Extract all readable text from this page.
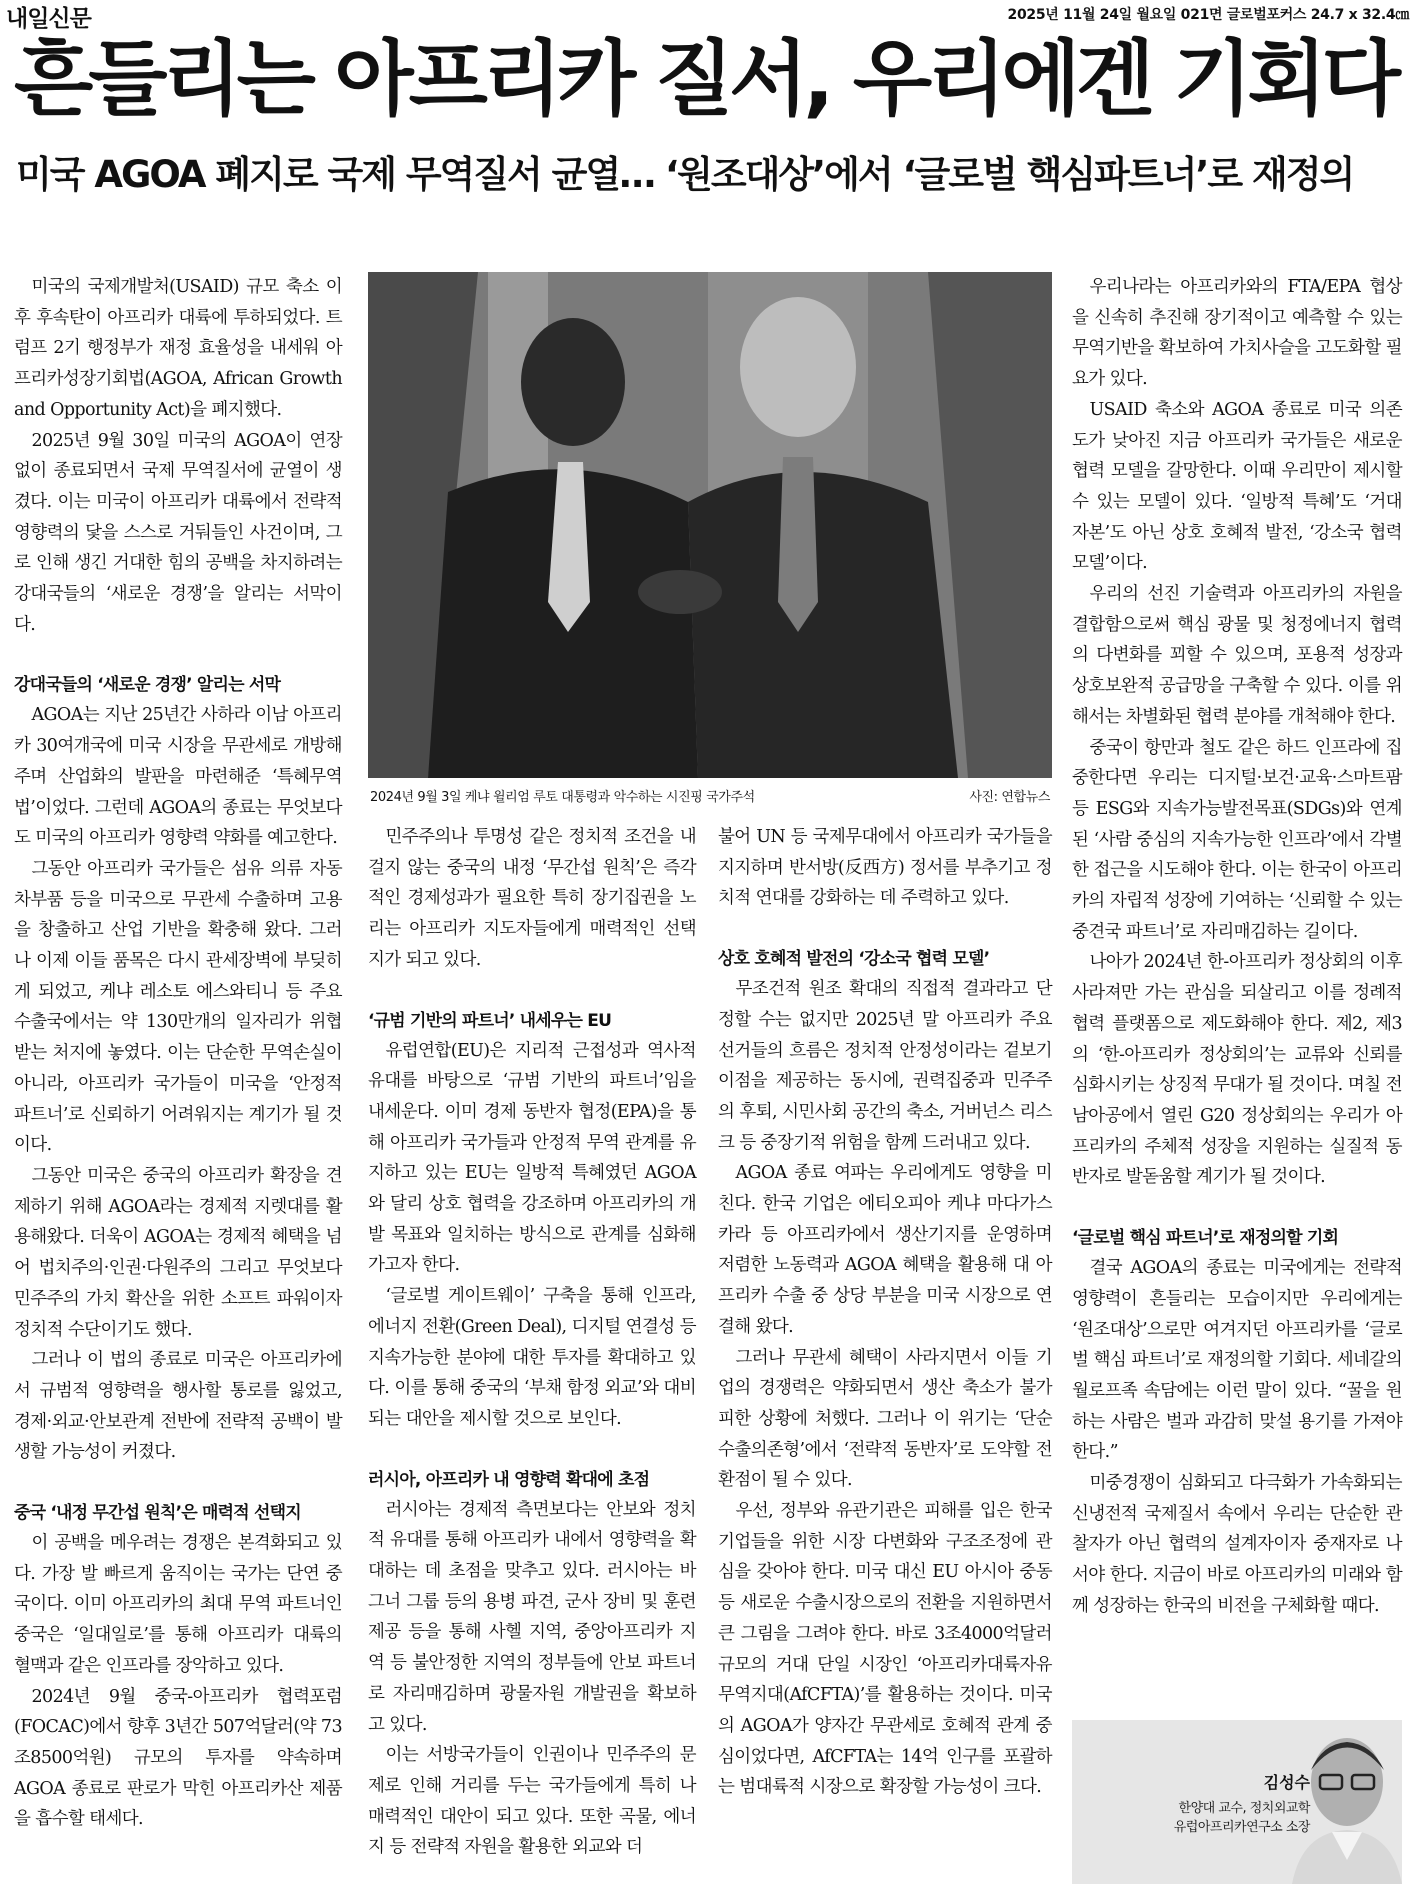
내일신문	2025년 11월 24일 월요일 021면 글로벌포커스 24.7 x 32.4㎝
흔들리는 아프리카 질서, 우리에겐 기회다
미국 AGOA 폐지로 국제 무역질서 균열… ‘원조대상’에서 ‘글로벌 핵심파트너’로 재정의

미국의 국제개발처(USAID) 규모 축소 이후 후속탄이 아프리카 대륙에 투하되었다. 트럼프 2기 행정부가 재정 효율성을 내세워 아프리카성장기회법(AGOA, African Growth and Opportunity Act)을 폐지했다.

2025년 9월 30일 미국의 AGOA이 연장 없이 종료되면서 국제 무역질서에 균열이 생겼다. 이는 미국이 아프리카 대륙에서 전략적 영향력의 닻을 스스로 거둬들인 사건이며, 그로 인해 생긴 거대한 힘의 공백을 차지하려는 강대국들의 ‘새로운 경쟁’을 알리는 서막이다.

강대국들의 ‘새로운 경쟁’ 알리는 서막

AGOA는 지난 25년간 사하라 이남 아프리카 30여개국에 미국 시장을 무관세로 개방해주며 산업화의 발판을 마련해준 ‘특혜무역법’이었다. 그런데 AGOA의 종료는 무엇보다도 미국의 아프리카 영향력 약화를 예고한다.

그동안 아프리카 국가들은 섬유 의류 자동차부품 등을 미국으로 무관세 수출하며 고용을 창출하고 산업 기반을 확충해 왔다. 그러나 이제 이들 품목은 다시 관세장벽에 부딪히게 되었고, 케냐 레소토 에스와티니 등 주요 수출국에서는 약 130만개의 일자리가 위협받는 처지에 놓였다. 이는 단순한 무역손실이 아니라, 아프리카 국가들이 미국을 ‘안정적 파트너’로 신뢰하기 어려워지는 계기가 될 것이다.

그동안 미국은 중국의 아프리카 확장을 견제하기 위해 AGOA라는 경제적 지렛대를 활용해왔다. 더욱이 AGOA는 경제적 혜택을 넘어 법치주의·인권·다원주의 그리고 무엇보다 민주주의 가치 확산을 위한 소프트 파워이자 정치적 수단이기도 했다.

그러나 이 법의 종료로 미국은 아프리카에서 규범적 영향력을 행사할 통로를 잃었고, 경제·외교·안보관계 전반에 전략적 공백이 발생할 가능성이 커졌다.

중국 ‘내정 무간섭 원칙’은 매력적 선택지

이 공백을 메우려는 경쟁은 본격화되고 있다. 가장 발 빠르게 움직이는 국가는 단연 중국이다. 이미 아프리카의 최대 무역 파트너인 중국은 ‘일대일로’를 통해 아프리카 대륙의 혈맥과 같은 인프라를 장악하고 있다.

2024년 9월 중국-아프리카 협력포럼(FOCAC)에서 향후 3년간 507억달러(약 73조8500억원) 규모의 투자를 약속하며 AGOA 종료로 판로가 막힌 아프리카산 제품을 흡수할 태세다.

2024년 9월 3일 케냐 윌리엄 루토 대통령과 악수하는 시진핑 국가주석	사진: 연합뉴스

민주주의나 투명성 같은 정치적 조건을 내걸지 않는 중국의 내정 ‘무간섭 원칙’은 즉각적인 경제성과가 필요한 특히 장기집권을 노리는 아프리카 지도자들에게 매력적인 선택지가 되고 있다.

‘규범 기반의 파트너’ 내세우는 EU

유럽연합(EU)은 지리적 근접성과 역사적 유대를 바탕으로 ‘규범 기반의 파트너’임을 내세운다. 이미 경제 동반자 협정(EPA)을 통해 아프리카 국가들과 안정적 무역 관계를 유지하고 있는 EU는 일방적 특혜였던 AGOA와 달리 상호 협력을 강조하며 아프리카의 개발 목표와 일치하는 방식으로 관계를 심화해 가고자 한다.

‘글로벌 게이트웨이’ 구축을 통해 인프라, 에너지 전환(Green Deal), 디지털 연결성 등 지속가능한 분야에 대한 투자를 확대하고 있다. 이를 통해 중국의 ‘부채 함정 외교’와 대비되는 대안을 제시할 것으로 보인다.

러시아, 아프리카 내 영향력 확대에 초점

러시아는 경제적 측면보다는 안보와 정치적 유대를 통해 아프리카 내에서 영향력을 확대하는 데 초점을 맞추고 있다. 러시아는 바그너 그룹 등의 용병 파견, 군사 장비 및 훈련 제공 등을 통해 사헬 지역, 중앙아프리카 지역 등 불안정한 지역의 정부들에 안보 파트너로 자리매김하며 광물자원 개발권을 확보하고 있다.

이는 서방국가들이 인권이나 민주주의 문제로 인해 거리를 두는 국가들에게 특히 나 매력적인 대안이 되고 있다. 또한 곡물, 에너지 등 전략적 자원을 활용한 외교와 더

불어 UN 등 국제무대에서 아프리카 국가들을 지지하며 반서방(反西方) 정서를 부추기고 정치적 연대를 강화하는 데 주력하고 있다.

상호 호혜적 발전의 ‘강소국 협력 모델’

무조건적 원조 확대의 직접적 결과라고 단정할 수는 없지만 2025년 말 아프리카 주요 선거들의 흐름은 정치적 안정성이라는 겉보기 이점을 제공하는 동시에, 권력집중과 민주주의 후퇴, 시민사회 공간의 축소, 거버넌스 리스크 등 중장기적 위험을 함께 드러내고 있다.

AGOA 종료 여파는 우리에게도 영향을 미친다. 한국 기업은 에티오피아 케냐 마다가스카라 등 아프리카에서 생산기지를 운영하며 저렴한 노동력과 AGOA 혜택을 활용해 대 아프리카 수출 중 상당 부분을 미국 시장으로 연결해 왔다.

그러나 무관세 혜택이 사라지면서 이들 기업의 경쟁력은 약화되면서 생산 축소가 불가피한 상황에 처했다. 그러나 이 위기는 ‘단순 수출의존형’에서 ‘전략적 동반자’로 도약할 전환점이 될 수 있다.

우선, 정부와 유관기관은 피해를 입은 한국 기업들을 위한 시장 다변화와 구조조정에 관심을 갖아야 한다. 미국 대신 EU 아시아 중동 등 새로운 수출시장으로의 전환을 지원하면서 큰 그림을 그려야 한다. 바로 3조4000억달러 규모의 거대 단일 시장인 ‘아프리카대륙자유무역지대(AfCFTA)’를 활용하는 것이다. 미국의 AGOA가 양자간 무관세로 호혜적 관계 중심이었다면, AfCFTA는 14억 인구를 포괄하는 범대륙적 시장으로 확장할 가능성이 크다.

우리나라는 아프리카와의 FTA/EPA 협상을 신속히 추진해 장기적이고 예측할 수 있는 무역기반을 확보하여 가치사슬을 고도화할 필요가 있다.

USAID 축소와 AGOA 종료로 미국 의존도가 낮아진 지금 아프리카 국가들은 새로운 협력 모델을 갈망한다. 이때 우리만이 제시할 수 있는 모델이 있다. ‘일방적 특혜’도 ‘거대 자본’도 아닌 상호 호혜적 발전, ‘강소국 협력 모델’이다.

우리의 선진 기술력과 아프리카의 자원을 결합함으로써 핵심 광물 및 청정에너지 협력의 다변화를 꾀할 수 있으며, 포용적 성장과 상호보완적 공급망을 구축할 수 있다. 이를 위해서는 차별화된 협력 분야를 개척해야 한다.

중국이 항만과 철도 같은 하드 인프라에 집중한다면 우리는 디지털·보건·교육·스마트팜 등 ESG와 지속가능발전목표(SDGs)와 연계된 ‘사람 중심의 지속가능한 인프라’에서 각별한 접근을 시도해야 한다. 이는 한국이 아프리카의 자립적 성장에 기여하는 ‘신뢰할 수 있는 중견국 파트너’로 자리매김하는 길이다.

나아가 2024년 한-아프리카 정상회의 이후 사라져만 가는 관심을 되살리고 이를 정례적 협력 플랫폼으로 제도화해야 한다. 제2, 제3의 ‘한-아프리카 정상회의’는 교류와 신뢰를 심화시키는 상징적 무대가 될 것이다. 며칠 전 남아공에서 열린 G20 정상회의는 우리가 아프리카의 주체적 성장을 지원하는 실질적 동반자로 발돋움할 계기가 될 것이다.

‘글로벌 핵심 파트너’로 재정의할 기회

결국 AGOA의 종료는 미국에게는 전략적 영향력이 흔들리는 모습이지만 우리에게는 ‘원조대상’으로만 여겨지던 아프리카를 ‘글로벌 핵심 파트너’로 재정의할 기회다. 세네갈의 월로프족 속담에는 이런 말이 있다. “꿀을 원하는 사람은 벌과 과감히 맞설 용기를 가져야 한다.”

미중경쟁이 심화되고 다극화가 가속화되는 신냉전적 국제질서 속에서 우리는 단순한 관찰자가 아닌 협력의 설계자이자 중재자로 나서야 한다. 지금이 바로 아프리카의 미래와 함께 성장하는 한국의 비전을 구체화할 때다.

김성수
한양대 교수, 정치외교학
유럽아프리카연구소 소장
